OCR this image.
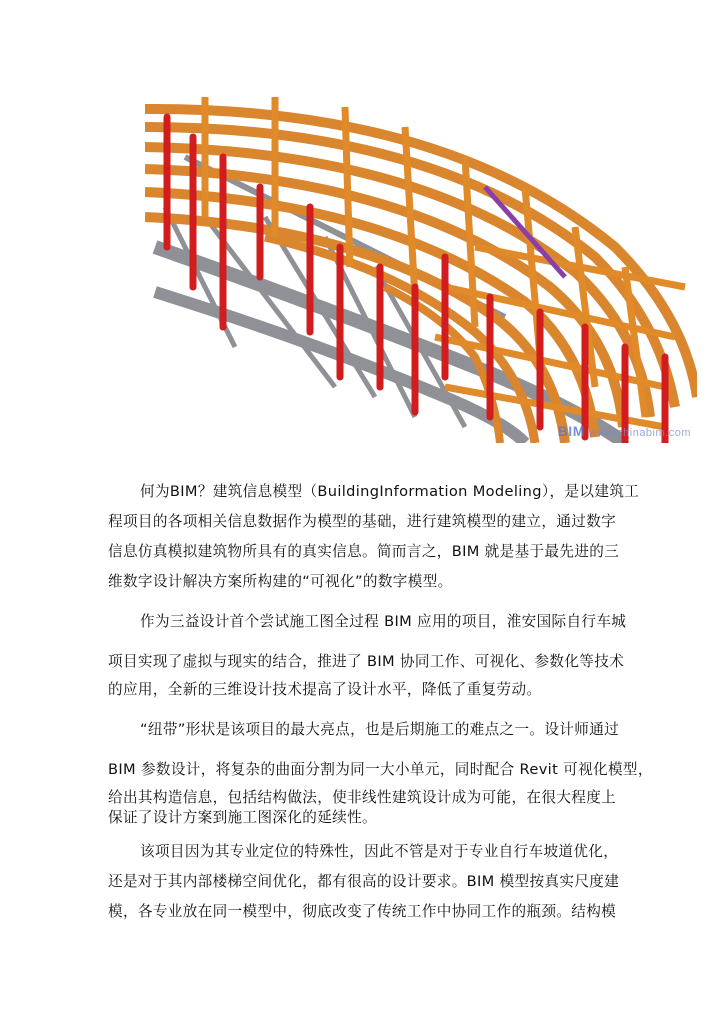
BIM www.chinabim.com
何为BIM？建筑信息模型（BuildingInformation Modeling），是以建筑工
程项目的各项相关信息数据作为模型的基础，进行建筑模型的建立，通过数字
信息仿真模拟建筑物所具有的真实信息。简而言之，BIM 就是基于最先进的三
维数字设计解决方案所构建的“可视化”的数字模型。
作为三益设计首个尝试施工图全过程 BIM 应用的项目，淮安国际自行车城
项目实现了虚拟与现实的结合，推进了 BIM 协同工作、可视化、参数化等技术
的应用，全新的三维设计技术提高了设计水平，降低了重复劳动。
“纽带”形状是该项目的最大亮点，也是后期施工的难点之一。设计师通过
BIM 参数设计，将复杂的曲面分割为同一大小单元，同时配合 Revit 可视化模型，
给出其构造信息，包括结构做法，使非线性建筑设计成为可能，在很大程度上
保证了设计方案到施工图深化的延续性。
该项目因为其专业定位的特殊性，因此不管是对于专业自行车坡道优化，
还是对于其内部楼梯空间优化，都有很高的设计要求。BIM 模型按真实尺度建
模，各专业放在同一模型中，彻底改变了传统工作中协同工作的瓶颈。结构模
